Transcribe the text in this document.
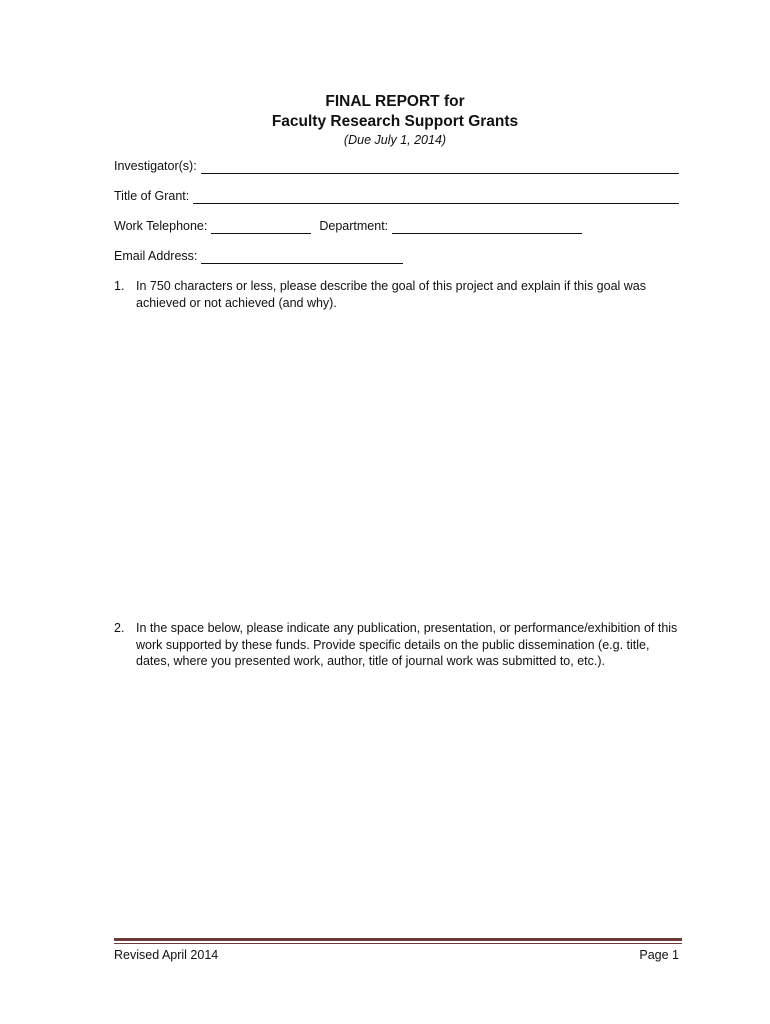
FINAL REPORT for
Faculty Research Support Grants
(Due July 1, 2014)
Investigator(s):
Title of Grant:
Work Telephone:	Department:
Email Address:
1. In 750 characters or less, please describe the goal of this project and explain if this goal was achieved or not achieved (and why).
2. In the space below, please indicate any publication, presentation, or performance/exhibition of this work supported by these funds. Provide specific details on the public dissemination (e.g. title, dates, where you presented work, author, title of journal work was submitted to, etc.).
Revised April 2014	Page 1
